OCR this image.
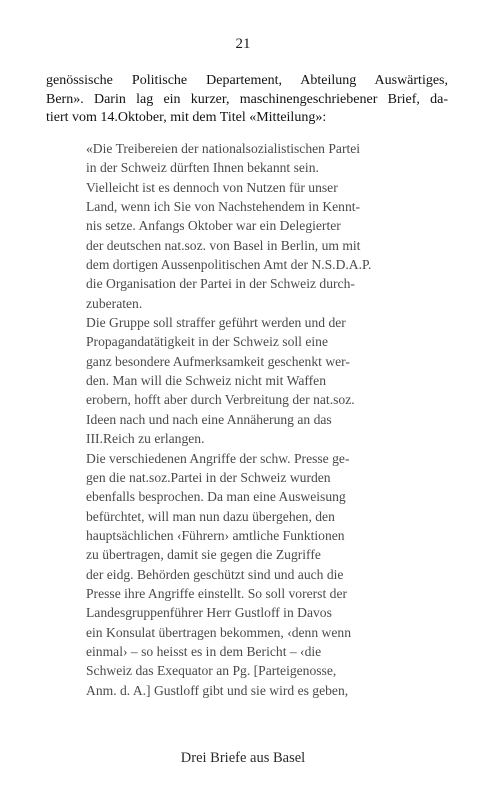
21
genössische Politische Departement, Abteilung Auswärtiges,
Bern». Darin lag ein kurzer, maschinengeschriebener Brief, da-
tiert vom 14.Oktober, mit dem Titel «Mitteilung»:
«Die Treibereien der nationalsozialistischen Partei
in der Schweiz dürften Ihnen bekannt sein.
Vielleicht ist es dennoch von Nutzen für unser
Land, wenn ich Sie von Nachstehendem in Kennt-
nis setze. Anfangs Oktober war ein Delegierter
der deutschen nat.soz. von Basel in Berlin, um mit
dem dortigen Aussenpolitischen Amt der N.S.D.A.P.
die Organisation der Partei in der Schweiz durch-
zuberaten.
Die Gruppe soll straffer geführt werden und der
Propagandatätigkeit in der Schweiz soll eine
ganz besondere Aufmerksamkeit geschenkt wer-
den. Man will die Schweiz nicht mit Waffen
erobern, hofft aber durch Verbreitung der nat.soz.
Ideen nach und nach eine Annäherung an das
III.Reich zu erlangen.
Die verschiedenen Angriffe der schw. Presse ge-
gen die nat.soz.Partei in der Schweiz wurden
ebenfalls besprochen. Da man eine Ausweisung
befürchtet, will man nun dazu übergehen, den
hauptsächlichen ‹Führern› amtliche Funktionen
zu übertragen, damit sie gegen die Zugriffe
der eidg. Behörden geschützt sind und auch die
Presse ihre Angriffe einstellt. So soll vorerst der
Landesgruppenführer Herr Gustloff in Davos
ein Konsulat übertragen bekommen, ‹denn wenn
einmal› – so heisst es in dem Bericht – ‹die
Schweiz das Exequator an Pg. [Parteigenosse,
Anm. d. A.] Gustloff gibt und sie wird es geben,
Drei Briefe aus Basel
